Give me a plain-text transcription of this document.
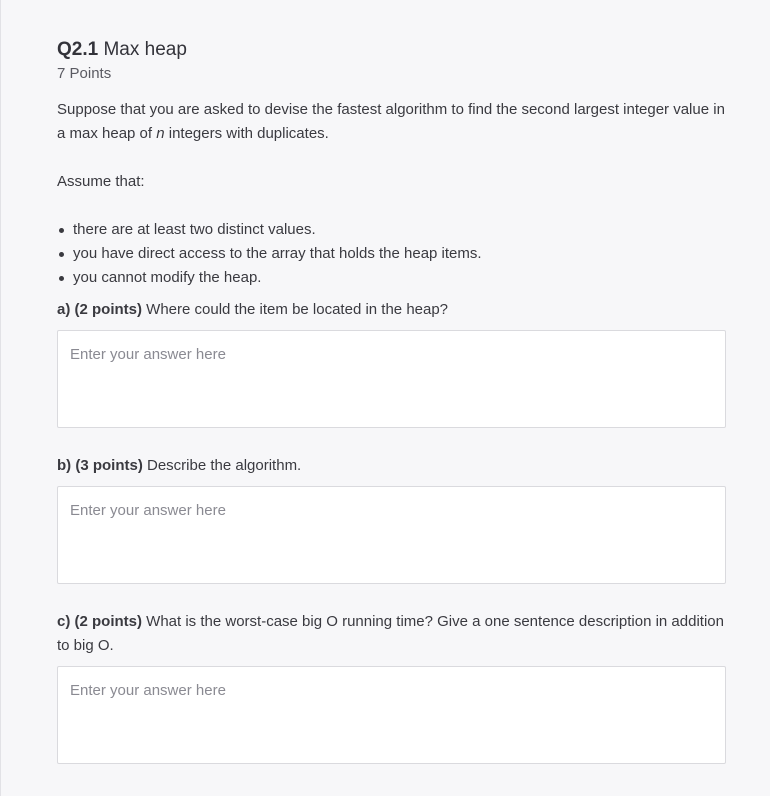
Q2.1 Max heap
7 Points

Suppose that you are asked to devise the fastest algorithm to find the second largest integer value in a max heap of n integers with duplicates.

Assume that:

there are at least two distinct values.
you have direct access to the array that holds the heap items.
you cannot modify the heap.

a) (2 points) Where could the item be located in the heap?

Enter your answer here

b) (3 points) Describe the algorithm.

Enter your answer here

c) (2 points) What is the worst-case big O running time? Give a one sentence description in addition to big O.

Enter your answer here
